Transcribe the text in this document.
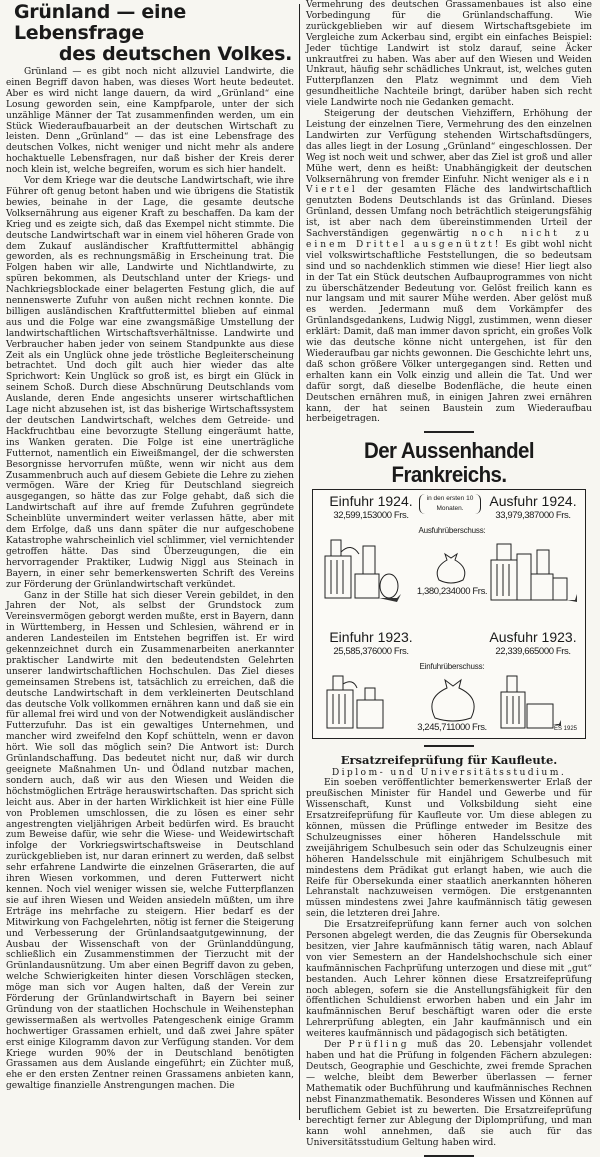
Grünland — eine Lebensfrage
des deutschen Volkes.

Grünland — es gibt noch nicht allzuviel Landwirte, die einen Begriff davon haben, was dieses Wort heute bedeutet. Aber es wird nicht lange dauern, da wird „Grünland“ eine Losung geworden sein, eine Kampfparole, unter der sich unzählige Männer der Tat zusammenfinden werden, um ein Stück Wiederaufbauarbeit an der deutschen Wirtschaft zu leisten. Denn „Grünland“ — das ist eine Lebensfrage des deutschen Volkes, nicht weniger und nicht mehr als andere hochaktuelle Lebensfragen, nur daß bisher der Kreis derer noch klein ist, welche begreifen, worum es sich hier handelt.

Vor dem Kriege war die deutsche Landwirtschaft, wie ihre Führer oft genug betont haben und wie übrigens die Statistik bewies, beinahe in der Lage, die gesamte deutsche Volksernährung aus eigener Kraft zu beschaffen. Da kam der Krieg und es zeigte sich, daß das Exempel nicht stimmte. Die deutsche Landwirtschaft war in einem viel höheren Grade von dem Zukauf ausländischer Kraftfuttermittel abhängig geworden, als es rechnungsmäßig in Erscheinung trat. Die Folgen haben wir alle, Landwirte und Nichtlandwirte, zu spüren bekommen, als Deutschland unter der Kriegs- und Nachkriegsblockade einer belagerten Festung glich, die auf nennenswerte Zufuhr von außen nicht rechnen konnte. Die billigen ausländischen Kraftfuttermittel blieben auf einmal aus und die Folge war eine zwangsmäßige Umstellung der landwirtschaftlichen Wirtschaftsverhältnisse. Landwirte und Verbraucher haben jeder von seinem Standpunkte aus diese Zeit als ein Unglück ohne jede tröstliche Begleiterscheinung betrachtet. Und doch gilt auch hier wieder das alte Sprichwort: Kein Unglück so groß ist, es birgt ein Glück in seinem Schoß. Durch diese Abschnürung Deutschlands vom Auslande, deren Ende angesichts unserer wirtschaftlichen Lage nicht abzusehen ist, ist das bisherige Wirtschaftssystem der deutschen Landwirtschaft, welches dem Getreide- und Hackfruchtbau eine bevorzugte Stellung eingeräumt hatte, ins Wanken geraten. Die Folge ist eine unerträgliche Futternot, namentlich ein Eiweißmangel, der die schwersten Besorgnisse hervorrufen müßte, wenn wir nicht aus dem Zusammenbruch auch auf diesem Gebiete die Lehre zu ziehen vermögen. Wäre der Krieg für Deutschland siegreich ausgegangen, so hätte das zur Folge gehabt, daß sich die Landwirtschaft auf ihre auf fremde Zufuhren gegründete Scheinblüte unvermindert weiter verlassen hätte, aber mit dem Erfolge, daß uns dann später die nur aufgeschobene Katastrophe wahrscheinlich viel schlimmer, viel vernichtender getroffen hätte. Das sind Überzeugungen, die ein hervorragender Praktiker, Ludwig Niggl aus Steinach in Bayern, in einer sehr bemerkenswerten Schrift des Vereins zur Förderung der Grünlandwirtschaft verkündet.

Ganz in der Stille hat sich dieser Verein gebildet, in den Jahren der Not, als selbst der Grundstock zum Vereinsvermögen geborgt werden mußte, erst in Bayern, dann in Württemberg, in Hessen und Schlesien, während er in anderen Landesteilen im Entstehen begriffen ist. Er wird gekennzeichnet durch ein Zusammenarbeiten anerkannter praktischer Landwirte mit den bedeutendsten Gelehrten unserer landwirtschaftlichen Hochschulen. Das Ziel dieses gemeinsamen Strebens ist, tatsächlich zu erreichen, daß die deutsche Landwirtschaft in dem verkleinerten Deutschland das deutsche Volk vollkommen ernähren kann und daß sie ein für allemal frei wird und von der Notwendigkeit ausländischer Futterzufuhr. Das ist ein gewaltiges Unternehmen, und mancher wird zweifelnd den Kopf schütteln, wenn er davon hört. Wie soll das möglich sein? Die Antwort ist: Durch Grünlandschaffung. Das bedeutet nicht nur, daß wir durch geeignete Maßnahmen Un- und Ödland nutzbar machen, sondern auch, daß wir aus den Wiesen und Weiden die höchstmöglichen Erträge herauswirtschaften. Das spricht sich leicht aus. Aber in der harten Wirklichkeit ist hier eine Fülle von Problemen umschlossen, die zu lösen es einer sehr angestrengten vieljährigen Arbeit bedürfen wird. Es braucht zum Beweise dafür, wie sehr die Wiese- und Weidewirtschaft infolge der Vorkriegswirtschaftsweise in Deutschland zurückgeblieben ist, nur daran erinnert zu werden, daß selbst sehr erfahrene Landwirte die einzelnen Gräserarten, die auf ihren Wiesen vorkommen, und deren Futterwert nicht kennen. Noch viel weniger wissen sie, welche Futterpflanzen sie auf ihren Wiesen und Weiden ansiedeln müßten, um ihre Erträge ins mehrfache zu steigern. Hier bedarf es der Mitwirkung von Fachgelehrten, nötig ist ferner die Steigerung und Verbesserung der Grünlandsaatgutgewinnung, der Ausbau der Wissenschaft von der Grünlanddüngung, schließlich ein Zusammenstimmen der Tierzucht mit der Grünlandausnützung. Um aber einen Begriff davon zu geben, welche Schwierigkeiten hinter diesen Vorschlägen stecken, möge man sich vor Augen halten, daß der Verein zur Förderung der Grünlandwirtschaft in Bayern bei seiner Gründung von der staatlichen Hochschule in Weihenstephan gewissermaßen als wertvolles Patengeschenk einige Gramm hochwertiger Grassamen erhielt, und daß zwei Jahre später erst einige Kilogramm davon zur Verfügung standen. Vor dem Kriege wurden 90% der in Deutschland benötigten Grassamen aus dem Auslande eingeführt; ein Züchter muß, ehe er den ersten Zentner reinen Grassamens anbieten kann, gewaltige finanzielle Anstrengungen machen. Die

Vermehrung des deutschen Grassamenbaues ist also eine Vorbedingung für die Grünlandschaffung. Wie zurückgeblieben wir auf diesem Wirtschaftsgebiete im Vergleiche zum Ackerbau sind, ergibt ein einfaches Beispiel: Jeder tüchtige Landwirt ist stolz darauf, seine Äcker unkrautfrei zu haben. Was aber auf den Wiesen und Weiden Unkraut, häufig sehr schädliches Unkraut, ist, welches guten Futterpflanzen den Platz wegnimmt und dem Vieh gesundheitliche Nachteile bringt, darüber haben sich recht viele Landwirte noch nie Gedanken gemacht.

Steigerung der deutschen Viehziffern, Erhöhung der Leistung der einzelnen Tiere, Vermehrung des den einzelnen Landwirten zur Verfügung stehenden Wirtschaftsdüngers, das alles liegt in der Losung „Grünland“ eingeschlossen. Der Weg ist noch weit und schwer, aber das Ziel ist groß und aller Mühe wert, denn es heißt: Unabhängigkeit der deutschen Volksernährung von fremder Einfuhr. Nicht weniger als ein Viertel der gesamten Fläche des landwirtschaftlich genutzten Bodens Deutschlands ist das Grünland. Dieses Grünland, dessen Umfang noch beträchtlich steigerungsfähig ist, ist aber nach dem übereinstimmenden Urteil der Sachverständigen gegenwärtig noch nicht zu einem Drittel ausgenützt! Es gibt wohl nicht viel volkswirtschaftliche Feststellungen, die so bedeutsam sind und so nachdenklich stimmen wie diese! Hier liegt also in der Tat ein Stück deutschen Aufbauprogrammes von nicht zu überschätzender Bedeutung vor. Gelöst freilich kann es nur langsam und mit saurer Mühe werden. Aber gelöst muß es werden. Jedermann muß dem Vorkämpfer des Grünlandsgedankens, Ludwig Niggl, zustimmen, wenn dieser erklärt: Damit, daß man immer davon spricht, ein großes Volk wie das deutsche könne nicht untergehen, ist für den Wiederaufbau gar nichts gewonnen. Die Geschichte lehrt uns, daß schon größere Völker untergegangen sind. Retten und erhalten kann ein Volk einzig und allein die Tat. Und wer dafür sorgt, daß dieselbe Bodenfläche, die heute einen Deutschen ernähren muß, in einigen Jahren zwei ernähren kann, der hat seinen Baustein zum Wiederaufbau herbeigetragen.

Der Aussenhandel Frankreichs.
Einfuhr 1924.	in den ersten 10 Monaten.	Ausfuhr 1924.
32,599,153000 Frs.	33,979,387000 Frs.
Ausfuhrüberschuss:
1,380,234000 Frs.
Einfuhr 1923.	Ausfuhr 1923.
25,585,376000 Frs.	22,339,665000 Frs.
Einfuhrüberschuss:
3,245,711000 Frs.	ES 1925
Ersatzreifeprüfung für Kaufleute.
Diplom- und Universitätsstudium.

Ein soeben veröffentlichter bemerkenswerter Erlaß der preußischen Minister für Handel und Gewerbe und für Wissenschaft, Kunst und Volksbildung sieht eine Ersatzreifeprüfung für Kaufleute vor. Um diese ablegen zu können, müssen die Prüflinge entweder im Besitze des Schulzeugnisses einer höheren Handelsschule mit zweijährigem Schulbesuch sein oder das Schulzeugnis einer höheren Handelsschule mit einjährigem Schulbesuch mit mindestens dem Prädikat gut erlangt haben, wie auch die Reife für Obersekunda einer staatlich anerkannten höheren Lehranstalt nachzuweisen vermögen. Die erstgenannten müssen mindestens zwei Jahre kaufmännisch tätig gewesen sein, die letzteren drei Jahre.

Die Ersatzreifeprüfung kann ferner auch von solchen Personen abgelegt werden, die das Zeugnis für Obersekunda besitzen, vier Jahre kaufmännisch tätig waren, nach Ablauf von vier Semestern an der Handelshochschule sich einer kaufmännischen Fachprüfung unterzogen und diese mit „gut“ bestanden. Auch Lehrer können diese Ersatzreifeprüfung noch ablegen, sofern sie die Anstellungsfähigkeit für den öffentlichen Schuldienst erworben haben und ein Jahr im kaufmännischen Beruf beschäftigt waren oder die erste Lehrerprüfung ablegten, ein Jahr kaufmännisch und ein weiteres kaufmännisch und pädagogisch sich betätigten.

Der Prüfling muß das 20. Lebensjahr vollendet haben und hat die Prüfung in folgenden Fächern abzulegen: Deutsch, Geographie und Geschichte, zwei fremde Sprachen — welche, bleibt dem Bewerber überlassen — ferner Mathematik oder Buchführung und kaufmännisches Rechnen nebst Finanzmathematik. Besonderes Wissen und Können auf beruflichem Gebiet ist zu bewerten. Die Ersatzreifeprüfung berechtigt ferner zur Ablegung der Diplomprüfung, und man kann wohl annehmen, daß sie auch für das Universitätsstudium Geltung haben wird.
